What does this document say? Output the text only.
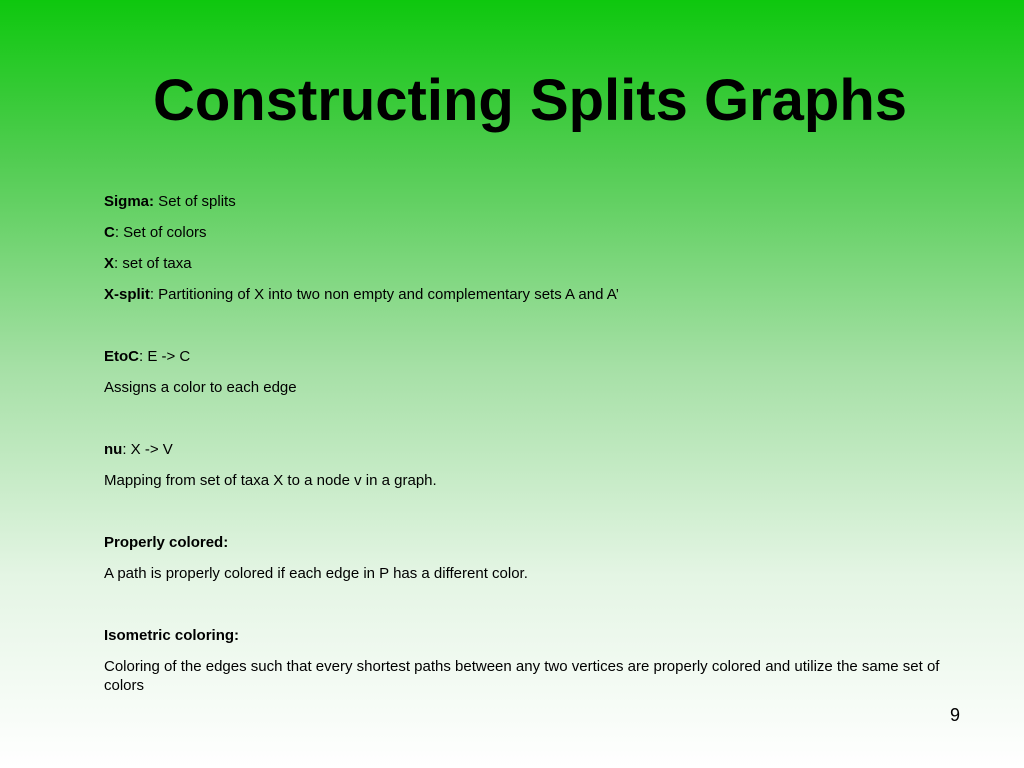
Constructing Splits Graphs
Sigma: Set of splits
C: Set of colors
X: set of taxa
X-split: Partitioning of X into two non empty and complementary sets A and A’
EtoC: E -> C
Assigns a color to each edge
nu: X -> V
Mapping from set of taxa X to a node v in a graph.
Properly colored:
A path is properly colored if each edge in P has a different color.
Isometric coloring:
Coloring of the edges such that every shortest paths between any two vertices are properly colored and utilize the same set of colors
9
